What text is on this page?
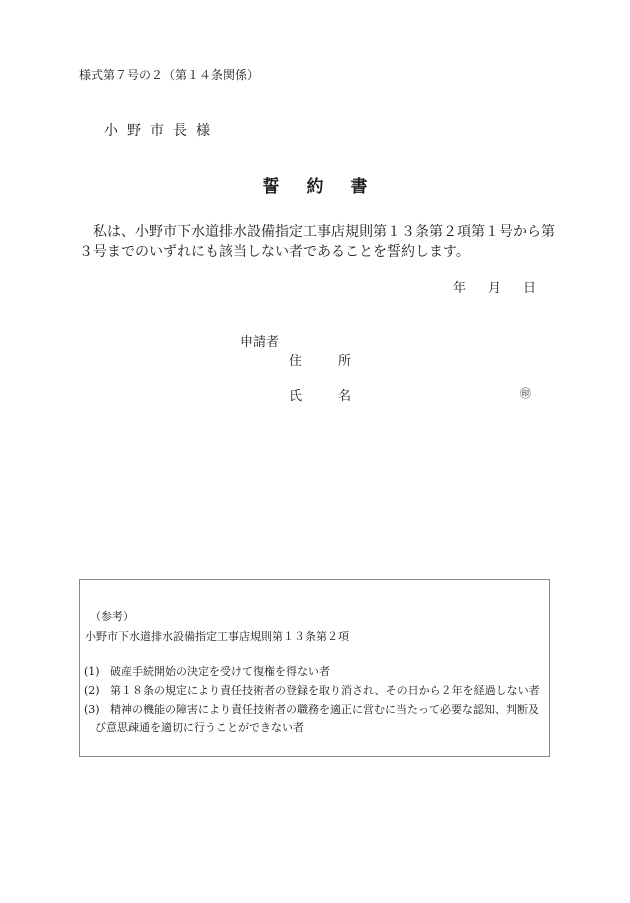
様式第７号の２（第１４条関係）
小野市長様
誓約書
私は、小野市下水道排水設備指定工事店規則第１３条第２項第１号から第３号までのいずれにも該当しない者であることを誓約します。
年 月 日
申請者
住所
氏名	㊞
（参考）
小野市下水道排水設備指定工事店規則第１３条第２項
(1) 破産手続開始の決定を受けて復権を得ない者
(2) 第１８条の規定により責任技術者の登録を取り消され、その日から２年を経過しない者
(3) 精神の機能の障害により責任技術者の職務を適正に営むに当たって必要な認知、判断及
び意思疎通を適切に行うことができない者
